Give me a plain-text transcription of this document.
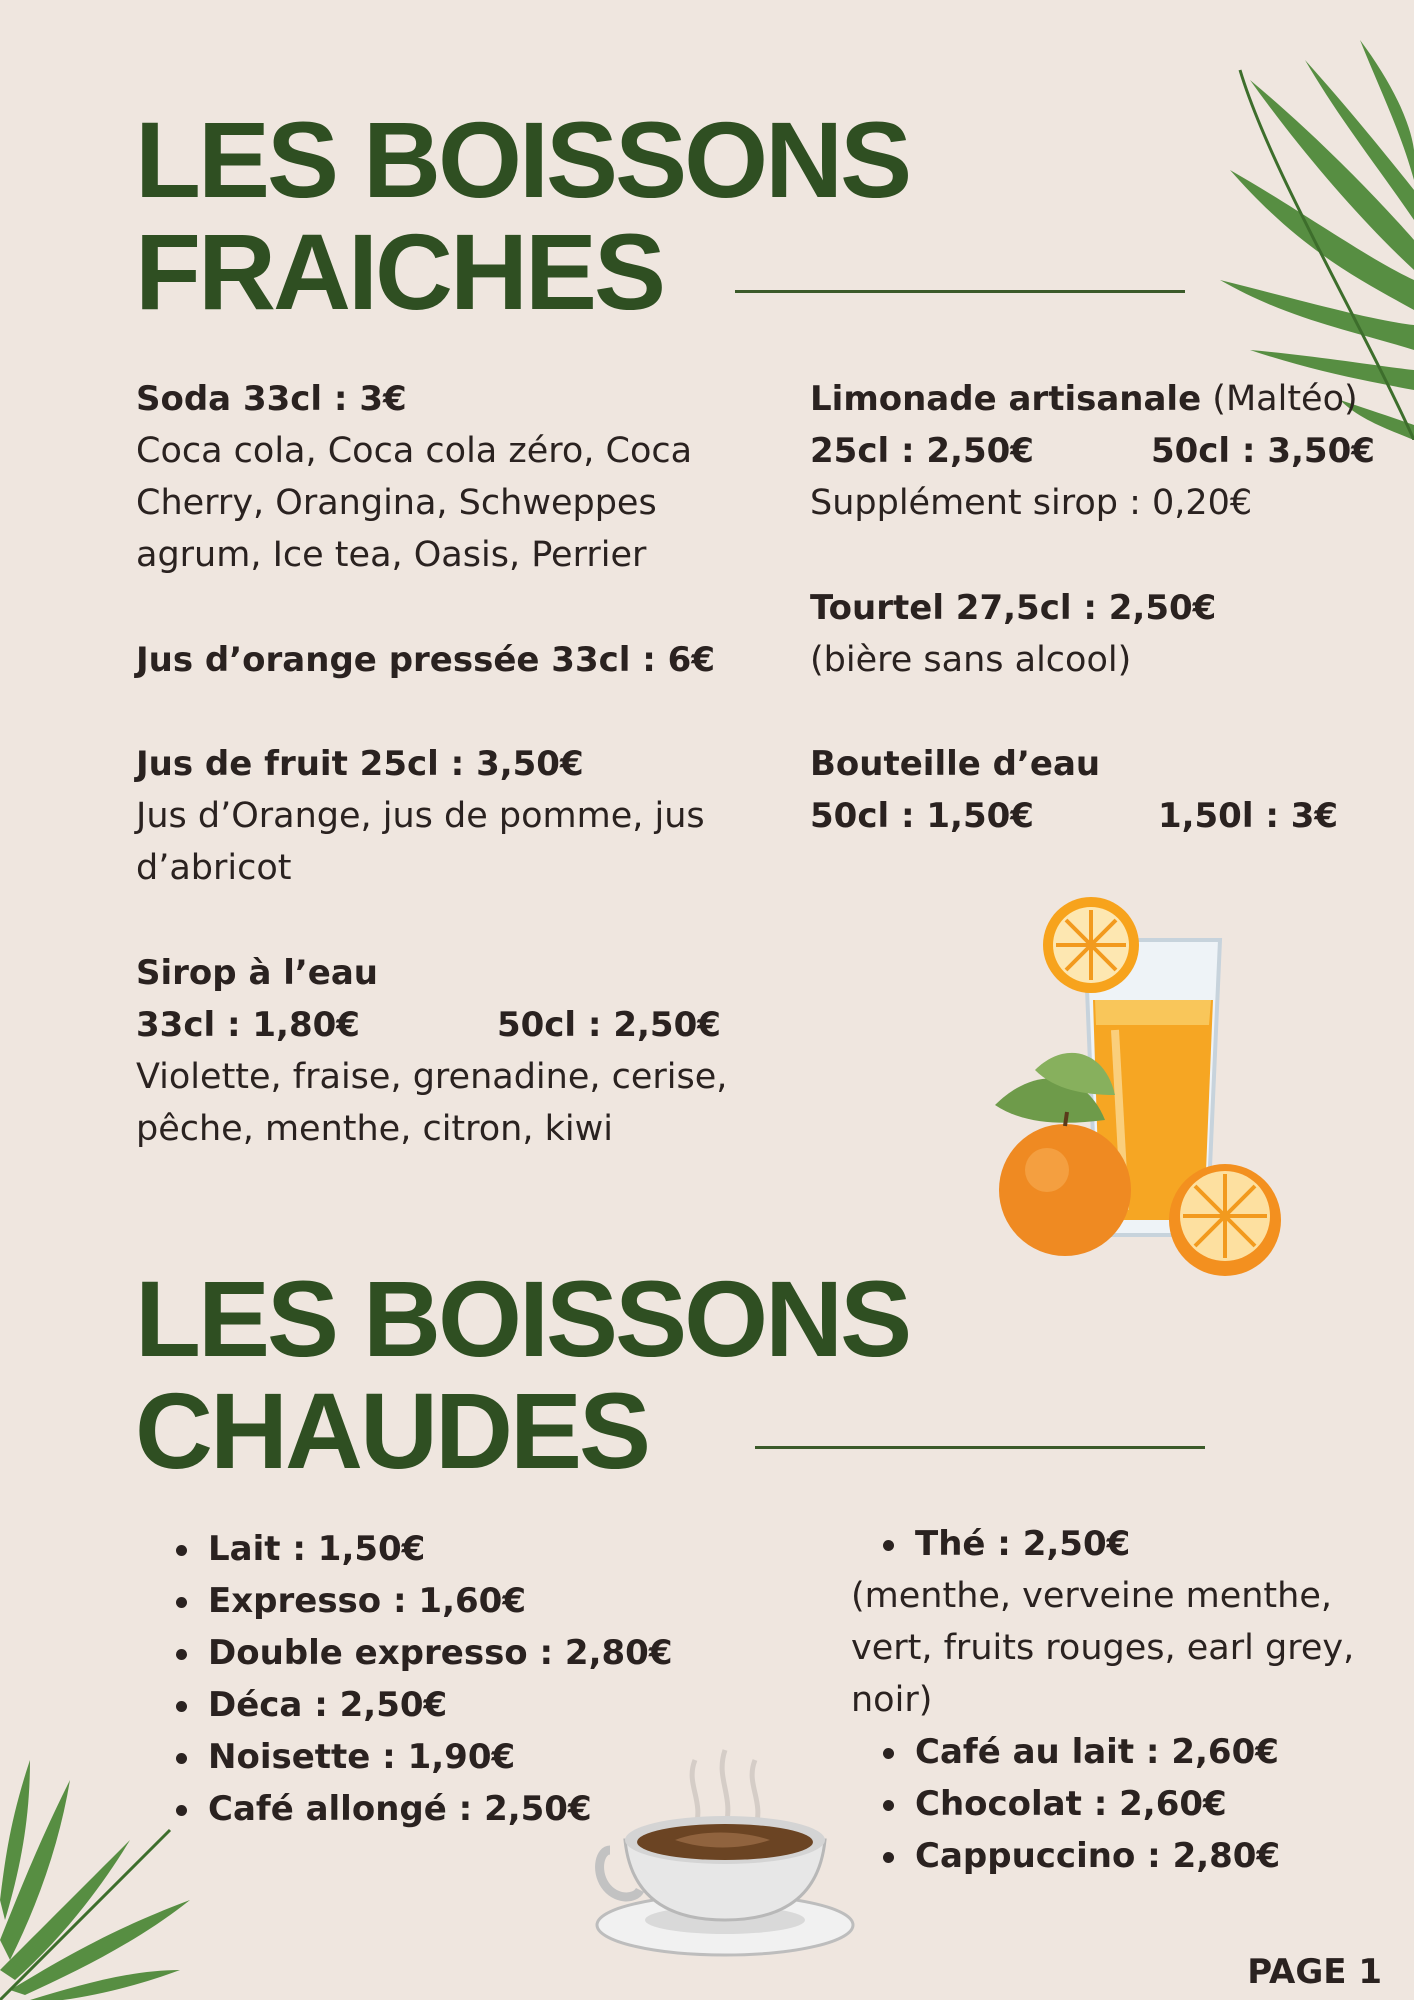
LES BOISSONS
FRAICHES
Soda 33cl : 3€
Coca cola, Coca cola zéro, Coca
Cherry, Orangina, Schweppes
agrum, Ice tea, Oasis, Perrier
Jus d’orange pressée 33cl : 6€
Jus de fruit 25cl : 3,50€
Jus d’Orange, jus de pomme, jus
d’abricot
Sirop à l’eau
33cl : 1,80€	50cl : 2,50€
Violette, fraise, grenadine, cerise,
pêche, menthe, citron, kiwi
Limonade artisanale (Maltéo)
25cl : 2,50€	50cl : 3,50€
Supplément sirop : 0,20€
Tourtel 27,5cl : 2,50€
(bière sans alcool)
Bouteille d’eau
50cl : 1,50€	1,50l : 3€
LES BOISSONS
CHAUDES
Lait : 1,50€
Expresso : 1,60€
Double expresso : 2,80€
Déca : 2,50€
Noisette : 1,90€
Café allongé : 2,50€
Thé : 2,50€
(menthe, verveine menthe,
vert, fruits rouges, earl grey,
noir)
Café au lait : 2,60€
Chocolat : 2,60€
Cappuccino : 2,80€
PAGE 1
